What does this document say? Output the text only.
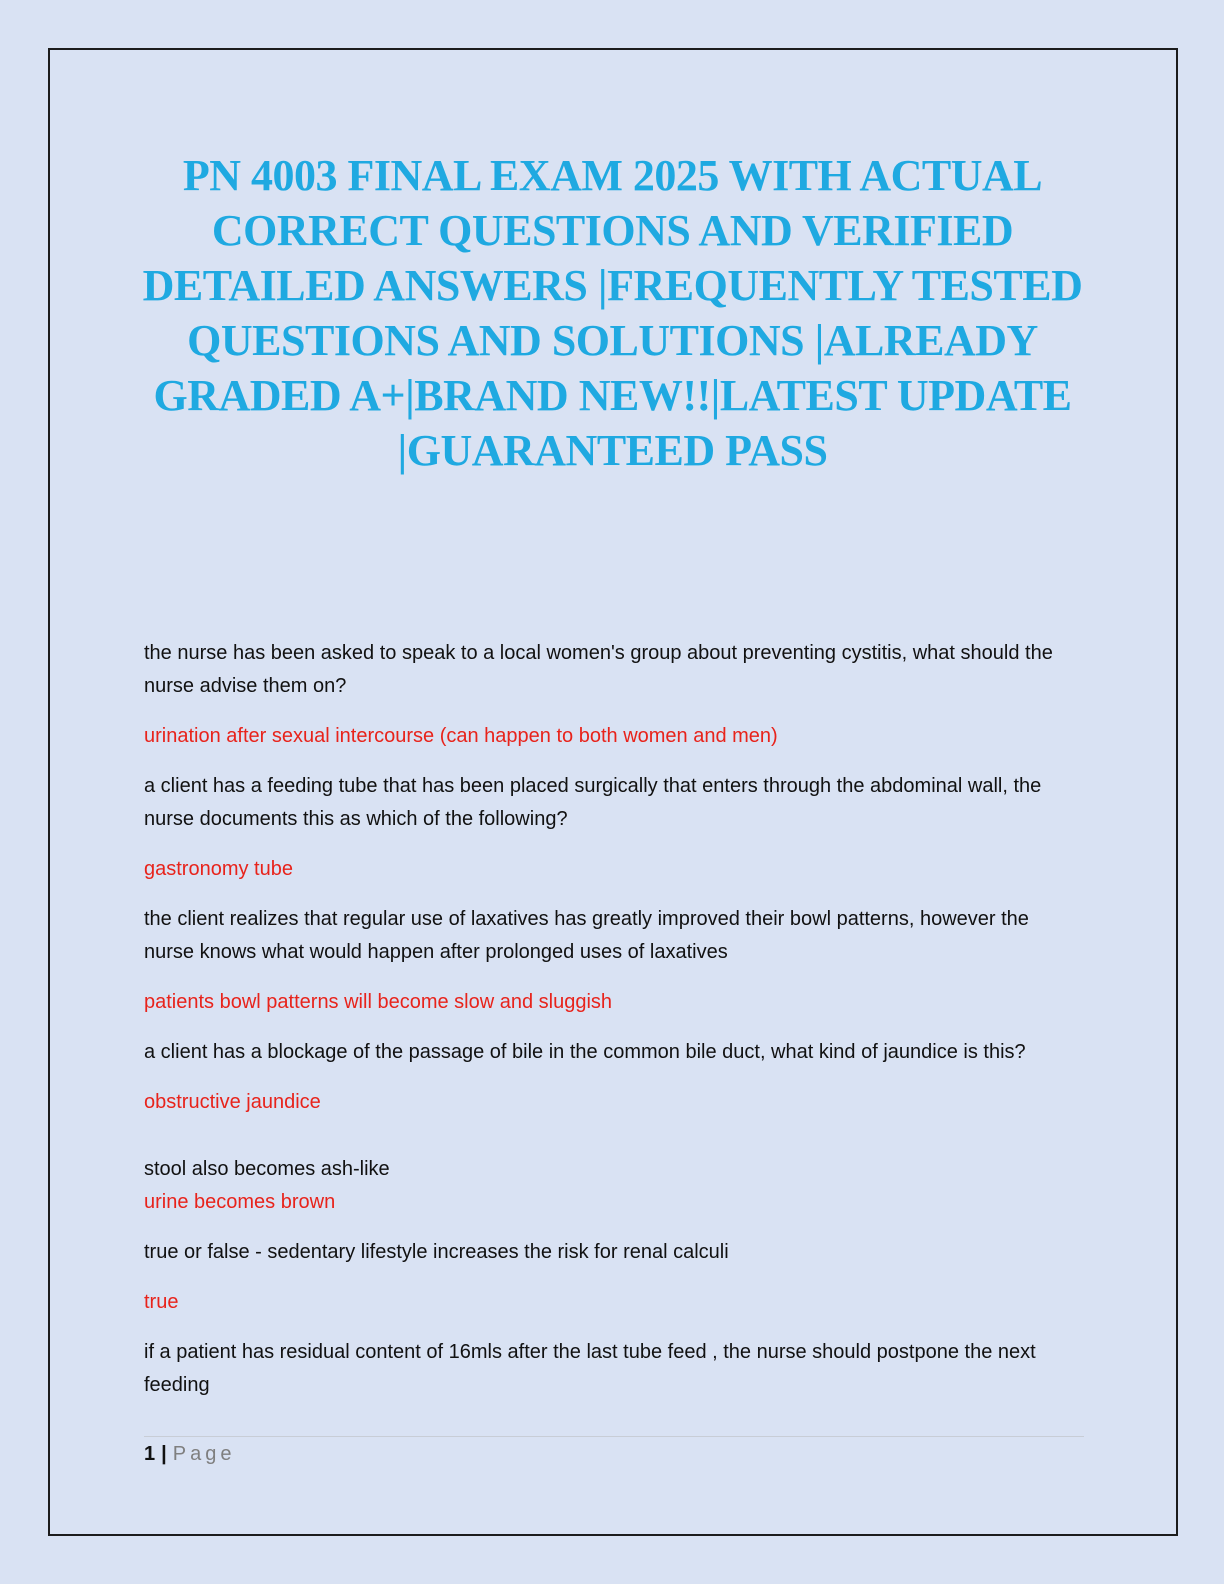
PN 4003 FINAL EXAM 2025 WITH ACTUAL CORRECT QUESTIONS AND VERIFIED DETAILED ANSWERS |FREQUENTLY TESTED QUESTIONS AND SOLUTIONS |ALREADY GRADED A+|BRAND NEW!!|LATEST UPDATE |GUARANTEED PASS

the nurse has been asked to speak to a local women's group about preventing cystitis, what should the nurse advise them on?

urination after sexual intercourse (can happen to both women and men)

a client has a feeding tube that has been placed surgically that enters through the abdominal wall, the nurse documents this as which of the following?

gastronomy tube

the client realizes that regular use of laxatives has greatly improved their bowl patterns, however the nurse knows what would happen after prolonged uses of laxatives

patients bowl patterns will become slow and sluggish

a client has a blockage of the passage of bile in the common bile duct, what kind of jaundice is this?

obstructive jaundice

stool also becomes ash-like

urine becomes brown

true or false - sedentary lifestyle increases the risk for renal calculi

true

if a patient has residual content of 16mls after the last tube feed , the nurse should postpone the next feeding

1 | Page
